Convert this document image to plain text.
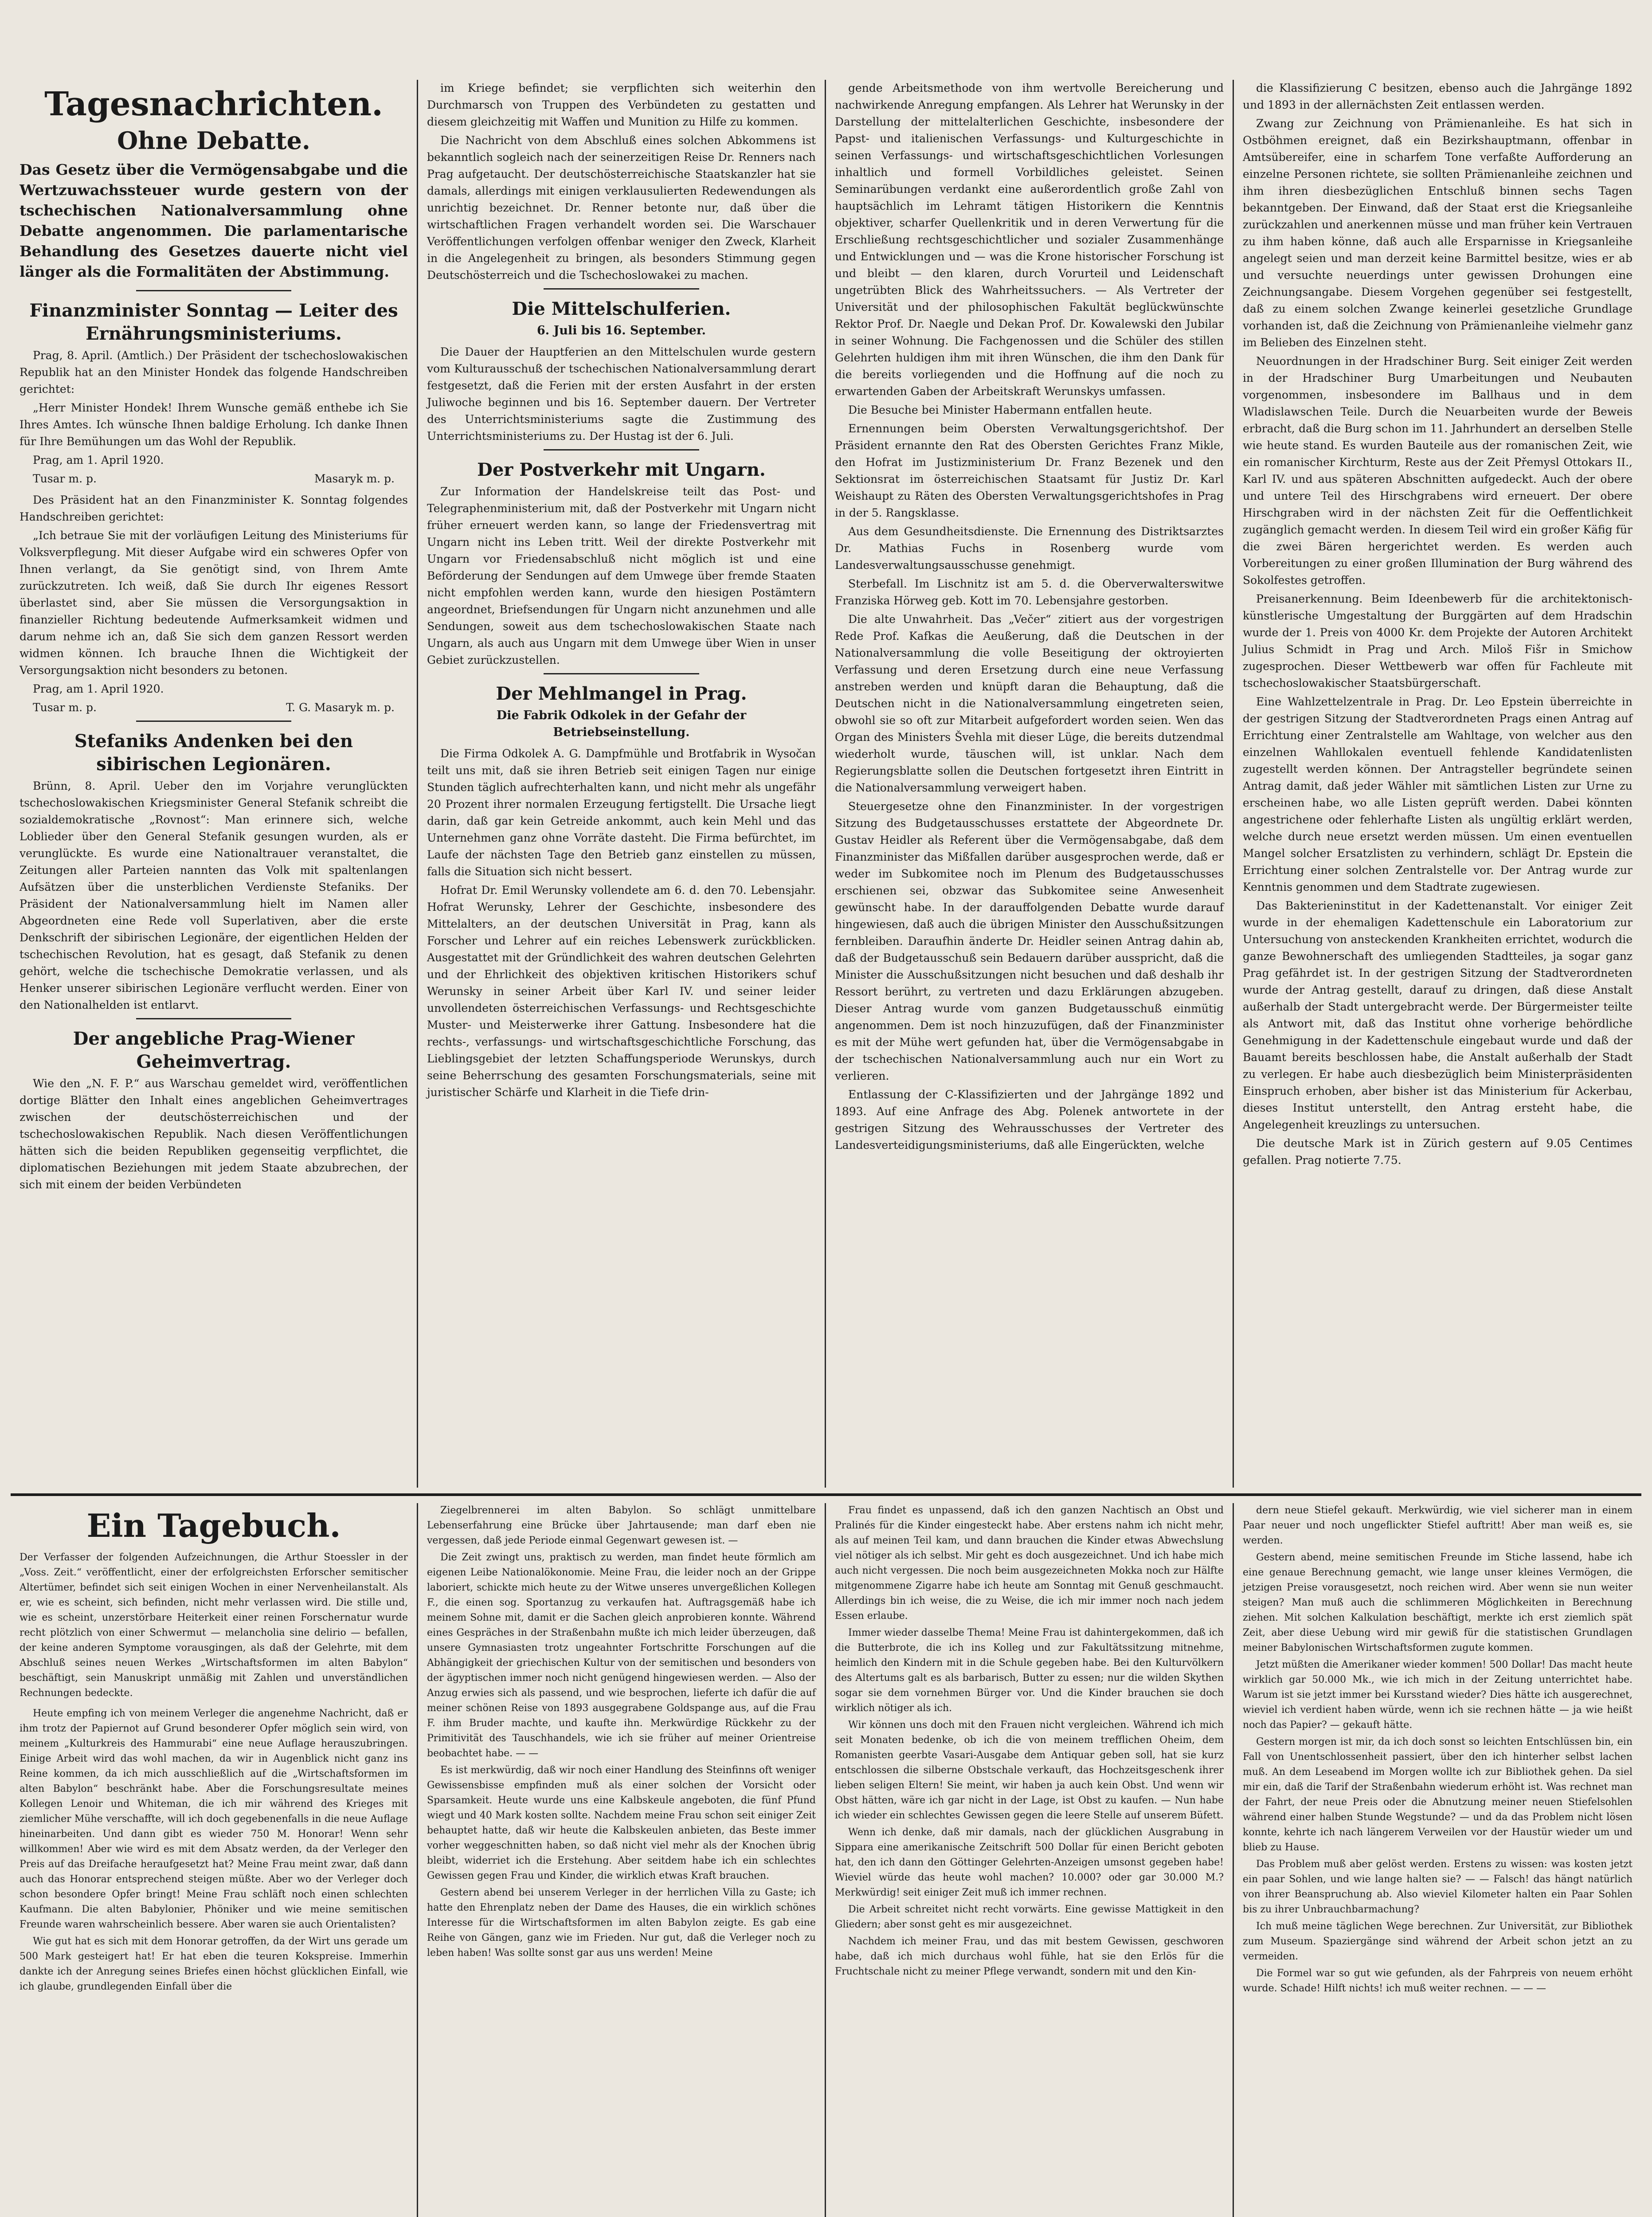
Tagesnachrichten.
Ohne Debatte.
Das Gesetz über die Vermögensabgabe und die Wertzuwachssteuer wurde gestern von der tschechischen Nationalversammlung ohne Debatte angenommen. Die parlamentarische Behandlung des Gesetzes dauerte nicht viel länger als die Formalitäten der Abstimmung.
Finanzminister Sonntag — Leiter des Ernährungsministeriums.

Prag, 8. April. (Amtlich.) Der Präsident der tschechoslowakischen Republik hat an den Minister Hondek das folgende Handschreiben gerichtet:

„Herr Minister Hondek! Ihrem Wunsche gemäß enthebe ich Sie Ihres Amtes. Ich wünsche Ihnen baldige Erholung. Ich danke Ihnen für Ihre Bemühungen um das Wohl der Republik.

Prag, am 1. April 1920.

Tusar m. p.	Masaryk m. p.

Des Präsident hat an den Finanzminister K. Sonntag folgendes Handschreiben gerichtet:

„Ich betraue Sie mit der vorläufigen Leitung des Ministeriums für Volksverpflegung. Mit dieser Aufgabe wird ein schweres Opfer von Ihnen verlangt, da Sie genötigt sind, von Ihrem Amte zurückzutreten. Ich weiß, daß Sie durch Ihr eigenes Ressort überlastet sind, aber Sie müssen die Versorgungsaktion in finanzieller Richtung bedeutende Aufmerksamkeit widmen und darum nehme ich an, daß Sie sich dem ganzen Ressort werden widmen können. Ich brauche Ihnen die Wichtigkeit der Versorgungsaktion nicht besonders zu betonen.

Prag, am 1. April 1920.

Tusar m. p.	T. G. Masaryk m. p.
Stefaniks Andenken bei den sibirischen Legionären.

Brünn, 8. April. Ueber den im Vorjahre verunglückten tschechoslowakischen Kriegsminister General Stefanik schreibt die sozialdemokratische „Rovnost“: Man erinnere sich, welche Loblieder über den General Stefanik gesungen wurden, als er verunglückte. Es wurde eine Nationaltrauer veranstaltet, die Zeitungen aller Parteien nannten das Volk mit spaltenlangen Aufsätzen über die unsterblichen Verdienste Stefaniks. Der Präsident der Nationalversammlung hielt im Namen aller Abgeordneten eine Rede voll Superlativen, aber die erste Denkschrift der sibirischen Legionäre, der eigentlichen Helden der tschechischen Revolution, hat es gesagt, daß Stefanik zu denen gehört, welche die tschechische Demokratie verlassen, und als Henker unserer sibirischen Legionäre verflucht werden. Einer von den Nationalhelden ist entlarvt.

Der angebliche Prag-Wiener Geheimvertrag.

Wie den „N. F. P.“ aus Warschau gemeldet wird, veröffentlichen dortige Blätter den Inhalt eines angeblichen Geheimvertrages zwischen der deutschösterreichischen und der tschechoslowakischen Republik. Nach diesen Veröffentlichungen hätten sich die beiden Republiken gegenseitig verpflichtet, die diplomatischen Beziehungen mit jedem Staate abzubrechen, der sich mit einem der beiden Verbündeten

im Kriege befindet; sie verpflichten sich weiterhin den Durchmarsch von Truppen des Verbündeten zu gestatten und diesem gleichzeitig mit Waffen und Munition zu Hilfe zu kommen.

Die Nachricht von dem Abschluß eines solchen Abkommens ist bekanntlich sogleich nach der seinerzeitigen Reise Dr. Renners nach Prag aufgetaucht. Der deutschösterreichische Staatskanzler hat sie damals, allerdings mit einigen verklausulierten Redewendungen als unrichtig bezeichnet. Dr. Renner betonte nur, daß über die wirtschaftlichen Fragen verhandelt worden sei. Die Warschauer Veröffentlichungen verfolgen offenbar weniger den Zweck, Klarheit in die Angelegenheit zu bringen, als besonders Stimmung gegen Deutschösterreich und die Tschechoslowakei zu machen.

Die Mittelschulferien.
6. Juli bis 16. September.

Die Dauer der Hauptferien an den Mittelschulen wurde gestern vom Kulturausschuß der tschechischen Nationalversammlung derart festgesetzt, daß die Ferien mit der ersten Ausfahrt in der ersten Juliwoche beginnen und bis 16. September dauern. Der Vertreter des Unterrichtsministeriums sagte die Zustimmung des Unterrichtsministeriums zu. Der Hustag ist der 6. Juli.

Der Postverkehr mit Ungarn.

Zur Information der Handelskreise teilt das Post- und Telegraphenministerium mit, daß der Postverkehr mit Ungarn nicht früher erneuert werden kann, so lange der Friedensvertrag mit Ungarn nicht ins Leben tritt. Weil der direkte Postverkehr mit Ungarn vor Friedensabschluß nicht möglich ist und eine Beförderung der Sendungen auf dem Umwege über fremde Staaten nicht empfohlen werden kann, wurde den hiesigen Postämtern angeordnet, Briefsendungen für Ungarn nicht anzunehmen und alle Sendungen, soweit aus dem tschechoslowakischen Staate nach Ungarn, als auch aus Ungarn mit dem Umwege über Wien in unser Gebiet zurückzustellen.

Der Mehlmangel in Prag.
Die Fabrik Odkolek in der Gefahr der Betriebseinstellung.

Die Firma Odkolek A. G. Dampfmühle und Brotfabrik in Wysočan teilt uns mit, daß sie ihren Betrieb seit einigen Tagen nur einige Stunden täglich aufrechterhalten kann, und nicht mehr als ungefähr 20 Prozent ihrer normalen Erzeugung fertigstellt. Die Ursache liegt darin, daß gar kein Getreide ankommt, auch kein Mehl und das Unternehmen ganz ohne Vorräte dasteht. Die Firma befürchtet, im Laufe der nächsten Tage den Betrieb ganz einstellen zu müssen, falls die Situation sich nicht bessert.

Hofrat Dr. Emil Werunsky vollendete am 6. d. den 70. Lebensjahr. Hofrat Werunsky, Lehrer der Geschichte, insbesondere des Mittelalters, an der deutschen Universität in Prag, kann als Forscher und Lehrer auf ein reiches Lebenswerk zurückblicken. Ausgestattet mit der Gründlichkeit des wahren deutschen Gelehrten und der Ehrlichkeit des objektiven kritischen Historikers schuf Werunsky in seiner Arbeit über Karl IV. und seiner leider unvollendeten österreichischen Verfassungs- und Rechtsgeschichte Muster- und Meisterwerke ihrer Gattung. Insbesondere hat die rechts-, verfassungs- und wirtschaftsgeschichtliche Forschung, das Lieblingsgebiet der letzten Schaffungsperiode Werunskys, durch seine Beherrschung des gesamten Forschungsmaterials, seine mit juristischer Schärfe und Klarheit in die Tiefe drin-

gende Arbeitsmethode von ihm wertvolle Bereicherung und nachwirkende Anregung empfangen. Als Lehrer hat Werunsky in der Darstellung der mittelalterlichen Geschichte, insbesondere der Papst- und italienischen Verfassungs- und Kulturgeschichte in seinen Verfassungs- und wirtschaftsgeschichtlichen Vorlesungen inhaltlich und formell Vorbildliches geleistet. Seinen Seminarübungen verdankt eine außerordentlich große Zahl von hauptsächlich im Lehramt tätigen Historikern die Kenntnis objektiver, scharfer Quellenkritik und in deren Verwertung für die Erschließung rechtsgeschichtlicher und sozialer Zusammenhänge und Entwicklungen und — was die Krone historischer Forschung ist und bleibt — den klaren, durch Vorurteil und Leidenschaft ungetrübten Blick des Wahrheitssuchers. — Als Vertreter der Universität und der philosophischen Fakultät beglückwünschte Rektor Prof. Dr. Naegle und Dekan Prof. Dr. Kowalewski den Jubilar in seiner Wohnung. Die Fachgenossen und die Schüler des stillen Gelehrten huldigen ihm mit ihren Wünschen, die ihm den Dank für die bereits vorliegenden und die Hoffnung auf die noch zu erwartenden Gaben der Arbeitskraft Werunskys umfassen.

Die Besuche bei Minister Habermann entfallen heute.

Ernennungen beim Obersten Verwaltungsgerichtshof. Der Präsident ernannte den Rat des Obersten Gerichtes Franz Mikle, den Hofrat im Justizministerium Dr. Franz Bezenek und den Sektionsrat im österreichischen Staatsamt für Justiz Dr. Karl Weishaupt zu Räten des Obersten Verwaltungsgerichtshofes in Prag in der 5. Rangsklasse.

Aus dem Gesundheitsdienste. Die Ernennung des Distriktsarztes Dr. Mathias Fuchs in Rosenberg wurde vom Landesverwaltungsausschusse genehmigt.

Sterbefall. Im Lischnitz ist am 5. d. die Oberverwalterswitwe Franziska Hörweg geb. Kott im 70. Lebensjahre gestorben.

Die alte Unwahrheit. Das „Večer“ zitiert aus der vorgestrigen Rede Prof. Kafkas die Aeußerung, daß die Deutschen in der Nationalversammlung die volle Beseitigung der oktroyierten Verfassung und deren Ersetzung durch eine neue Verfassung anstreben werden und knüpft daran die Behauptung, daß die Deutschen nicht in die Nationalversammlung eingetreten seien, obwohl sie so oft zur Mitarbeit aufgefordert worden seien. Wen das Organ des Ministers Švehla mit dieser Lüge, die bereits dutzendmal wiederholt wurde, täuschen will, ist unklar. Nach dem Regierungsblatte sollen die Deutschen fortgesetzt ihren Eintritt in die Nationalversammlung verweigert haben.

Steuergesetze ohne den Finanzminister. In der vorgestrigen Sitzung des Budgetausschusses erstattete der Abgeordnete Dr. Gustav Heidler als Referent über die Vermögensabgabe, daß dem Finanzminister das Mißfallen darüber ausgesprochen werde, daß er weder im Subkomitee noch im Plenum des Budgetausschusses erschienen sei, obzwar das Subkomitee seine Anwesenheit gewünscht habe. In der darauffolgenden Debatte wurde darauf hingewiesen, daß auch die übrigen Minister den Ausschußsitzungen fernbleiben. Daraufhin änderte Dr. Heidler seinen Antrag dahin ab, daß der Budgetausschuß sein Bedauern darüber ausspricht, daß die Minister die Ausschußsitzungen nicht besuchen und daß deshalb ihr Ressort berührt, zu vertreten und dazu Erklärungen abzugeben. Dieser Antrag wurde vom ganzen Budgetausschuß einmütig angenommen. Dem ist noch hinzuzufügen, daß der Finanzminister es mit der Mühe wert gefunden hat, über die Vermögensabgabe in der tschechischen Nationalversammlung auch nur ein Wort zu verlieren.

Entlassung der C-Klassifizierten und der Jahrgänge 1892 und 1893. Auf eine Anfrage des Abg. Polenek antwortete in der gestrigen Sitzung des Wehrausschusses der Vertreter des Landesverteidigungsministeriums, daß alle Eingerückten, welche

die Klassifizierung C besitzen, ebenso auch die Jahrgänge 1892 und 1893 in der allernächsten Zeit entlassen werden.

Zwang zur Zeichnung von Prämienanleihe. Es hat sich in Ostböhmen ereignet, daß ein Bezirkshauptmann, offenbar in Amtsübereifer, eine in scharfem Tone verfaßte Aufforderung an einzelne Personen richtete, sie sollten Prämienanleihe zeichnen und ihm ihren diesbezüglichen Entschluß binnen sechs Tagen bekanntgeben. Der Einwand, daß der Staat erst die Kriegsanleihe zurückzahlen und anerkennen müsse und man früher kein Vertrauen zu ihm haben könne, daß auch alle Ersparnisse in Kriegsanleihe angelegt seien und man derzeit keine Barmittel besitze, wies er ab und versuchte neuerdings unter gewissen Drohungen eine Zeichnungsangabe. Diesem Vorgehen gegenüber sei festgestellt, daß zu einem solchen Zwange keinerlei gesetzliche Grundlage vorhanden ist, daß die Zeichnung von Prämienanleihe vielmehr ganz im Belieben des Einzelnen steht.

Neuordnungen in der Hradschiner Burg. Seit einiger Zeit werden in der Hradschiner Burg Umarbeitungen und Neubauten vorgenommen, insbesondere im Ballhaus und in dem Wladislawschen Teile. Durch die Neuarbeiten wurde der Beweis erbracht, daß die Burg schon im 11. Jahrhundert an derselben Stelle wie heute stand. Es wurden Bauteile aus der romanischen Zeit, wie ein romanischer Kirchturm, Reste aus der Zeit Přemysl Ottokars II., Karl IV. und aus späteren Abschnitten aufgedeckt. Auch der obere und untere Teil des Hirschgrabens wird erneuert. Der obere Hirschgraben wird in der nächsten Zeit für die Oeffentlichkeit zugänglich gemacht werden. In diesem Teil wird ein großer Käfig für die zwei Bären hergerichtet werden. Es werden auch Vorbereitungen zu einer großen Illumination der Burg während des Sokolfestes getroffen.

Preisanerkennung. Beim Ideenbewerb für die architektonisch-künstlerische Umgestaltung der Burggärten auf dem Hradschin wurde der 1. Preis von 4000 Kr. dem Projekte der Autoren Architekt Julius Schmidt in Prag und Arch. Miloš Fišr in Smichow zugesprochen. Dieser Wettbewerb war offen für Fachleute mit tschechoslowakischer Staatsbürgerschaft.

Eine Wahlzettelzentrale in Prag. Dr. Leo Epstein überreichte in der gestrigen Sitzung der Stadtverordneten Prags einen Antrag auf Errichtung einer Zentralstelle am Wahltage, von welcher aus den einzelnen Wahllokalen eventuell fehlende Kandidatenlisten zugestellt werden können. Der Antragsteller begründete seinen Antrag damit, daß jeder Wähler mit sämtlichen Listen zur Urne zu erscheinen habe, wo alle Listen geprüft werden. Dabei könnten angestrichene oder fehlerhafte Listen als ungültig erklärt werden, welche durch neue ersetzt werden müssen. Um einen eventuellen Mangel solcher Ersatzlisten zu verhindern, schlägt Dr. Epstein die Errichtung einer solchen Zentralstelle vor. Der Antrag wurde zur Kenntnis genommen und dem Stadtrate zugewiesen.

Das Bakterieninstitut in der Kadettenanstalt. Vor einiger Zeit wurde in der ehemaligen Kadettenschule ein Laboratorium zur Untersuchung von ansteckenden Krankheiten errichtet, wodurch die ganze Bewohnerschaft des umliegenden Stadtteiles, ja sogar ganz Prag gefährdet ist. In der gestrigen Sitzung der Stadtverordneten wurde der Antrag gestellt, darauf zu dringen, daß diese Anstalt außerhalb der Stadt untergebracht werde. Der Bürgermeister teilte als Antwort mit, daß das Institut ohne vorherige behördliche Genehmigung in der Kadettenschule eingebaut wurde und daß der Bauamt bereits beschlossen habe, die Anstalt außerhalb der Stadt zu verlegen. Er habe auch diesbezüglich beim Ministerpräsidenten Einspruch erhoben, aber bisher ist das Ministerium für Ackerbau, dieses Institut unterstellt, den Antrag ersteht habe, die Angelegenheit kreuzlings zu untersuchen.

Die deutsche Mark ist in Zürich gestern auf 9.05 Centimes gefallen. Prag notierte 7.75.

Ein Tagebuch.
Der Verfasser der folgenden Aufzeichnungen, die Arthur Stoessler in der „Voss. Zeit.“ veröffentlicht, einer der erfolgreichsten Erforscher semitischer Altertümer, befindet sich seit einigen Wochen in einer Nervenheilanstalt. Als er, wie es scheint, sich befinden, nicht mehr verlassen wird. Die stille und, wie es scheint, unzerstörbare Heiterkeit einer reinen Forschernatur wurde recht plötzlich von einer Schwermut — melancholia sine delirio — befallen, der keine anderen Symptome vorausgingen, als daß der Gelehrte, mit dem Abschluß seines neuen Werkes „Wirtschaftsformen im alten Babylon“ beschäftigt, sein Manuskript unmäßig mit Zahlen und unverständlichen Rechnungen bedeckte.

Heute empfing ich von meinem Verleger die angenehme Nachricht, daß er ihm trotz der Papiernot auf Grund besonderer Opfer möglich sein wird, von meinem „Kulturkreis des Hammurabi“ eine neue Auflage herauszubringen. Einige Arbeit wird das wohl machen, da wir in Augenblick nicht ganz ins Reine kommen, da ich mich ausschließlich auf die „Wirtschaftsformen im alten Babylon“ beschränkt habe. Aber die Forschungsresultate meines Kollegen Lenoir und Whiteman, die ich mir während des Krieges mit ziemlicher Mühe verschaffte, will ich doch gegebenenfalls in die neue Auflage hineinarbeiten. Und dann gibt es wieder 750 M. Honorar! Wenn sehr willkommen! Aber wie wird es mit dem Absatz werden, da der Verleger den Preis auf das Dreifache heraufgesetzt hat? Meine Frau meint zwar, daß dann auch das Honorar entsprechend steigen müßte. Aber wo der Verleger doch schon besondere Opfer bringt! Meine Frau schläft noch einen schlechten Kaufmann. Die alten Babylonier, Phöniker und wie meine semitischen Freunde waren wahrscheinlich bessere. Aber waren sie auch Orientalisten?

Wie gut hat es sich mit dem Honorar getroffen, da der Wirt uns gerade um 500 Mark gesteigert hat! Er hat eben die teuren Kokspreise. Immerhin dankte ich der Anregung seines Briefes einen höchst glücklichen Einfall, wie ich glaube, grundlegenden Einfall über die

Ziegelbrennerei im alten Babylon. So schlägt unmittelbare Lebenserfahrung eine Brücke über Jahrtausende; man darf eben nie vergessen, daß jede Periode einmal Gegenwart gewesen ist. —

Die Zeit zwingt uns, praktisch zu werden, man findet heute förmlich am eigenen Leibe Nationalökonomie. Meine Frau, die leider noch an der Grippe laboriert, schickte mich heute zu der Witwe unseres unvergeßlichen Kollegen F., die einen sog. Sportanzug zu verkaufen hat. Auftragsgemäß habe ich meinem Sohne mit, damit er die Sachen gleich anprobieren konnte. Während eines Gespräches in der Straßenbahn mußte ich mich leider überzeugen, daß unsere Gymnasiasten trotz ungeahnter Fortschritte Forschungen auf die Abhängigkeit der griechischen Kultur von der semitischen und besonders von der ägyptischen immer noch nicht genügend hingewiesen werden. — Also der Anzug erwies sich als passend, und wie besprochen, lieferte ich dafür die auf meiner schönen Reise von 1893 ausgegrabene Goldspange aus, auf die Frau F. ihm Bruder machte, und kaufte ihn. Merkwürdige Rückkehr zu der Primitivität des Tauschhandels, wie ich sie früher auf meiner Orientreise beobachtet habe. — —

Es ist merkwürdig, daß wir noch einer Handlung des Steinfinns oft weniger Gewissensbisse empfinden muß als einer solchen der Vorsicht oder Sparsamkeit. Heute wurde uns eine Kalbskeule angeboten, die fünf Pfund wiegt und 40 Mark kosten sollte. Nachdem meine Frau schon seit einiger Zeit behauptet hatte, daß wir heute die Kalbskeulen anbieten, das Beste immer vorher weggeschnitten haben, so daß nicht viel mehr als der Knochen übrig bleibt, widerriet ich die Erstehung. Aber seitdem habe ich ein schlechtes Gewissen gegen Frau und Kinder, die wirklich etwas Kraft brauchen.

Gestern abend bei unserem Verleger in der herrlichen Villa zu Gaste; ich hatte den Ehrenplatz neben der Dame des Hauses, die ein wirklich schönes Interesse für die Wirtschaftsformen im alten Babylon zeigte. Es gab eine Reihe von Gängen, ganz wie im Frieden. Nur gut, daß die Verleger noch zu leben haben! Was sollte sonst gar aus uns werden! Meine

Frau findet es unpassend, daß ich den ganzen Nachtisch an Obst und Pralinés für die Kinder eingesteckt habe. Aber erstens nahm ich nicht mehr, als auf meinen Teil kam, und dann brauchen die Kinder etwas Abwechslung viel nötiger als ich selbst. Mir geht es doch ausgezeichnet. Und ich habe mich auch nicht vergessen. Die noch beim ausgezeichneten Mokka noch zur Hälfte mitgenommene Zigarre habe ich heute am Sonntag mit Genuß geschmaucht. Allerdings bin ich weise, die zu Weise, die ich mir immer noch nach jedem Essen erlaube.

Immer wieder dasselbe Thema! Meine Frau ist dahintergekommen, daß ich die Butterbrote, die ich ins Kolleg und zur Fakultätssitzung mitnehme, heimlich den Kindern mit in die Schule gegeben habe. Bei den Kulturvölkern des Altertums galt es als barbarisch, Butter zu essen; nur die wilden Skythen sogar sie dem vornehmen Bürger vor. Und die Kinder brauchen sie doch wirklich nötiger als ich.

Wir können uns doch mit den Frauen nicht vergleichen. Während ich mich seit Monaten bedenke, ob ich die von meinem trefflichen Oheim, dem Romanisten geerbte Vasari-Ausgabe dem Antiquar geben soll, hat sie kurz entschlossen die silberne Obstschale verkauft, das Hochzeitsgeschenk ihrer lieben seligen Eltern! Sie meint, wir haben ja auch kein Obst. Und wenn wir Obst hätten, wäre ich gar nicht in der Lage, ist Obst zu kaufen. — Nun habe ich wieder ein schlechtes Gewissen gegen die leere Stelle auf unserem Büfett.

Wenn ich denke, daß mir damals, nach der glücklichen Ausgrabung in Sippara eine amerikanische Zeitschrift 500 Dollar für einen Bericht geboten hat, den ich dann den Göttinger Gelehrten-Anzeigen umsonst gegeben habe! Wieviel würde das heute wohl machen? 10.000? oder gar 30.000 M.? Merkwürdig! seit einiger Zeit muß ich immer rechnen.

Die Arbeit schreitet nicht recht vorwärts. Eine gewisse Mattigkeit in den Gliedern; aber sonst geht es mir ausgezeichnet.

Nachdem ich meiner Frau, und das mit bestem Gewissen, geschworen habe, daß ich mich durchaus wohl fühle, hat sie den Erlös für die Fruchtschale nicht zu meiner Pflege verwandt, sondern mit und den Kin-

dern neue Stiefel gekauft. Merkwürdig, wie viel sicherer man in einem Paar neuer und noch ungeflickter Stiefel auftritt! Aber man weiß es, sie werden.

Gestern abend, meine semitischen Freunde im Stiche lassend, habe ich eine genaue Berechnung gemacht, wie lange unser kleines Vermögen, die jetzigen Preise vorausgesetzt, noch reichen wird. Aber wenn sie nun weiter steigen? Man muß auch die schlimmeren Möglichkeiten in Berechnung ziehen. Mit solchen Kalkulation beschäftigt, merkte ich erst ziemlich spät Zeit, aber diese Uebung wird mir gewiß für die statistischen Grundlagen meiner Babylonischen Wirtschaftsformen zugute kommen.

Jetzt müßten die Amerikaner wieder kommen! 500 Dollar! Das macht heute wirklich gar 50.000 Mk., wie ich mich in der Zeitung unterrichtet habe. Warum ist sie jetzt immer bei Kursstand wieder? Dies hätte ich ausgerechnet, wieviel ich verdient haben würde, wenn ich sie rechnen hätte — ja wie heißt noch das Papier? — gekauft hätte.

Gestern morgen ist mir, da ich doch sonst so leichten Entschlüssen bin, ein Fall von Unentschlossenheit passiert, über den ich hinterher selbst lachen muß. An dem Leseabend im Morgen wollte ich zur Bibliothek gehen. Da siel mir ein, daß die Tarif der Straßenbahn wiederum erhöht ist. Was rechnet man der Fahrt, der neue Preis oder die Abnutzung meiner neuen Stiefelsohlen während einer halben Stunde Wegstunde? — und da das Problem nicht lösen konnte, kehrte ich nach längerem Verweilen vor der Haustür wieder um und blieb zu Hause.

Das Problem muß aber gelöst werden. Erstens zu wissen: was kosten jetzt ein paar Sohlen, und wie lange halten sie? — — Falsch! das hängt natürlich von ihrer Beanspruchung ab. Also wieviel Kilometer halten ein Paar Sohlen bis zu ihrer Unbrauchbarmachung?

Ich muß meine täglichen Wege berechnen. Zur Universität, zur Bibliothek zum Museum. Spaziergänge sind während der Arbeit schon jetzt an zu vermeiden.

Die Formel war so gut wie gefunden, als der Fahrpreis von neuem erhöht wurde. Schade! Hilft nichts! ich muß weiter rechnen. — — —
